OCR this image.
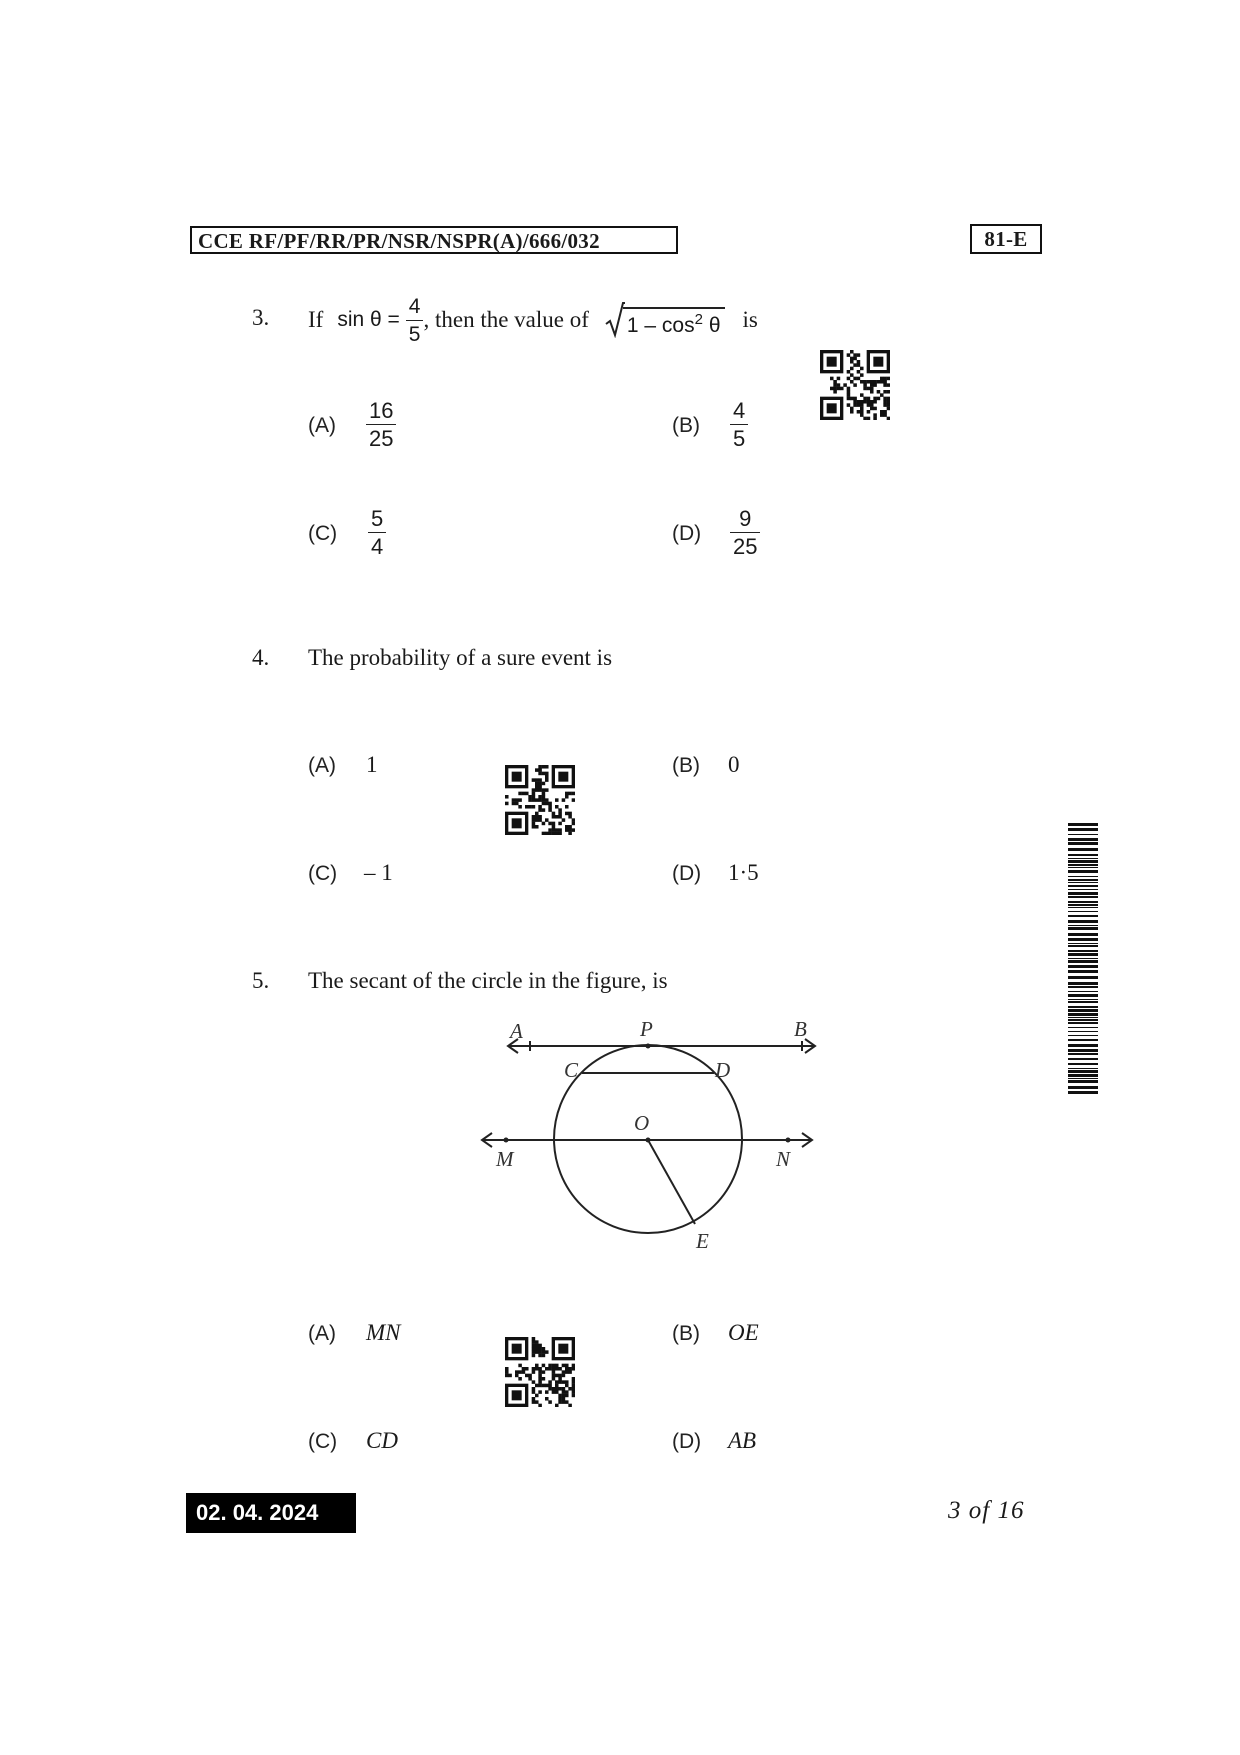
CCE RF/PF/RR/PR/NSR/NSPR(A)/666/032	81-E
3. If $\sin \theta = \frac{4}{5}$ , then the value of $1 - \cos^2 \theta$ is
(A)
16
25
(B)
4
5
(C)
5
4
(D)
9
25
4. The probability of a sure event is
(A) 1	(B) 0
(C) – 1	(D) 1·5
5. The secant of the circle in the figure, is
A	P	B
C	D
O
M	N
E
(A) MN	(B) OE
(C) CD	(D) AB
02. 04. 2024	3 of 16
